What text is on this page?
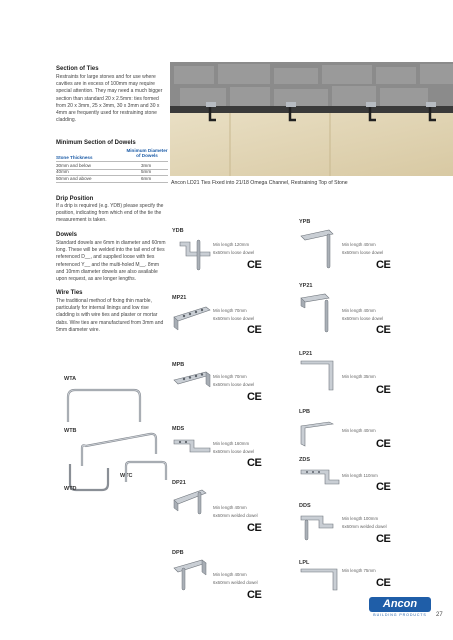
Section of Ties
Restraints for large stones and for use where cavities are in excess of 100mm may require special attention. They may need a much bigger section than standard 20 x 2.5mm: ties formed from 20 x 3mm, 25 x 3mm, 30 x 3mm and 30 x 4mm are frequently used for restraining stone cladding.
Minimum Section of Dowels
Stone Thickness
Minimum Diameter of Dowels
30mm and below	3mm
40mm	5mm
50mm and above	6mm
Drip Position
If a drip is required (e.g. YDB) please specify the position, indicating from which end of the tie the measurement is taken.
Dowels
Standard dowels are 6mm in diameter and 60mm long. These will be welded into the tail end of ties referenced D__, and supplied loose with ties referenced Y__ and the multi-holed M__. 8mm and 10mm diameter dowels are also available upon request, as are longer lengths.
Wire Ties
The traditional method of fixing thin marble, particularly for internal linings and low rise cladding is with wire ties and plaster or mortar dabs. Wire ties are manufactured from 3mm and 5mm diameter wire.
WTA
WTB
WTC
WTD
Ancon LD21 Ties Fixed into 21/18 Omega Channel, Restraining Top of Stone
YDB
Min length 120mm
6x60mm loose dowel
CE
YPB
Min length 40mm
6x60mm loose dowel
CE
MP21
Min length 70mm
6x60mm loose dowel
CE
YP21
Min length 40mm
6x60mm loose dowel
CE
MPB
Min length 70mm
6x60mm loose dowel
CE
LP21
Min length 35mm
CE
MDS
Min length 160mm
6x60mm loose dowel
CE
LPB
Min length 40mm
CE
DP21
Min length 40mm
6x60mm welded dowel
CE
ZDS
Min length 110mm
CE
DDS
Min length 100mm
6x60mm welded dowel
CE
DPB
Min length 40mm
6x60mm welded dowel
CE
LPL
Min length 75mm
CE
Ancon
BUILDING PRODUCTS	27
